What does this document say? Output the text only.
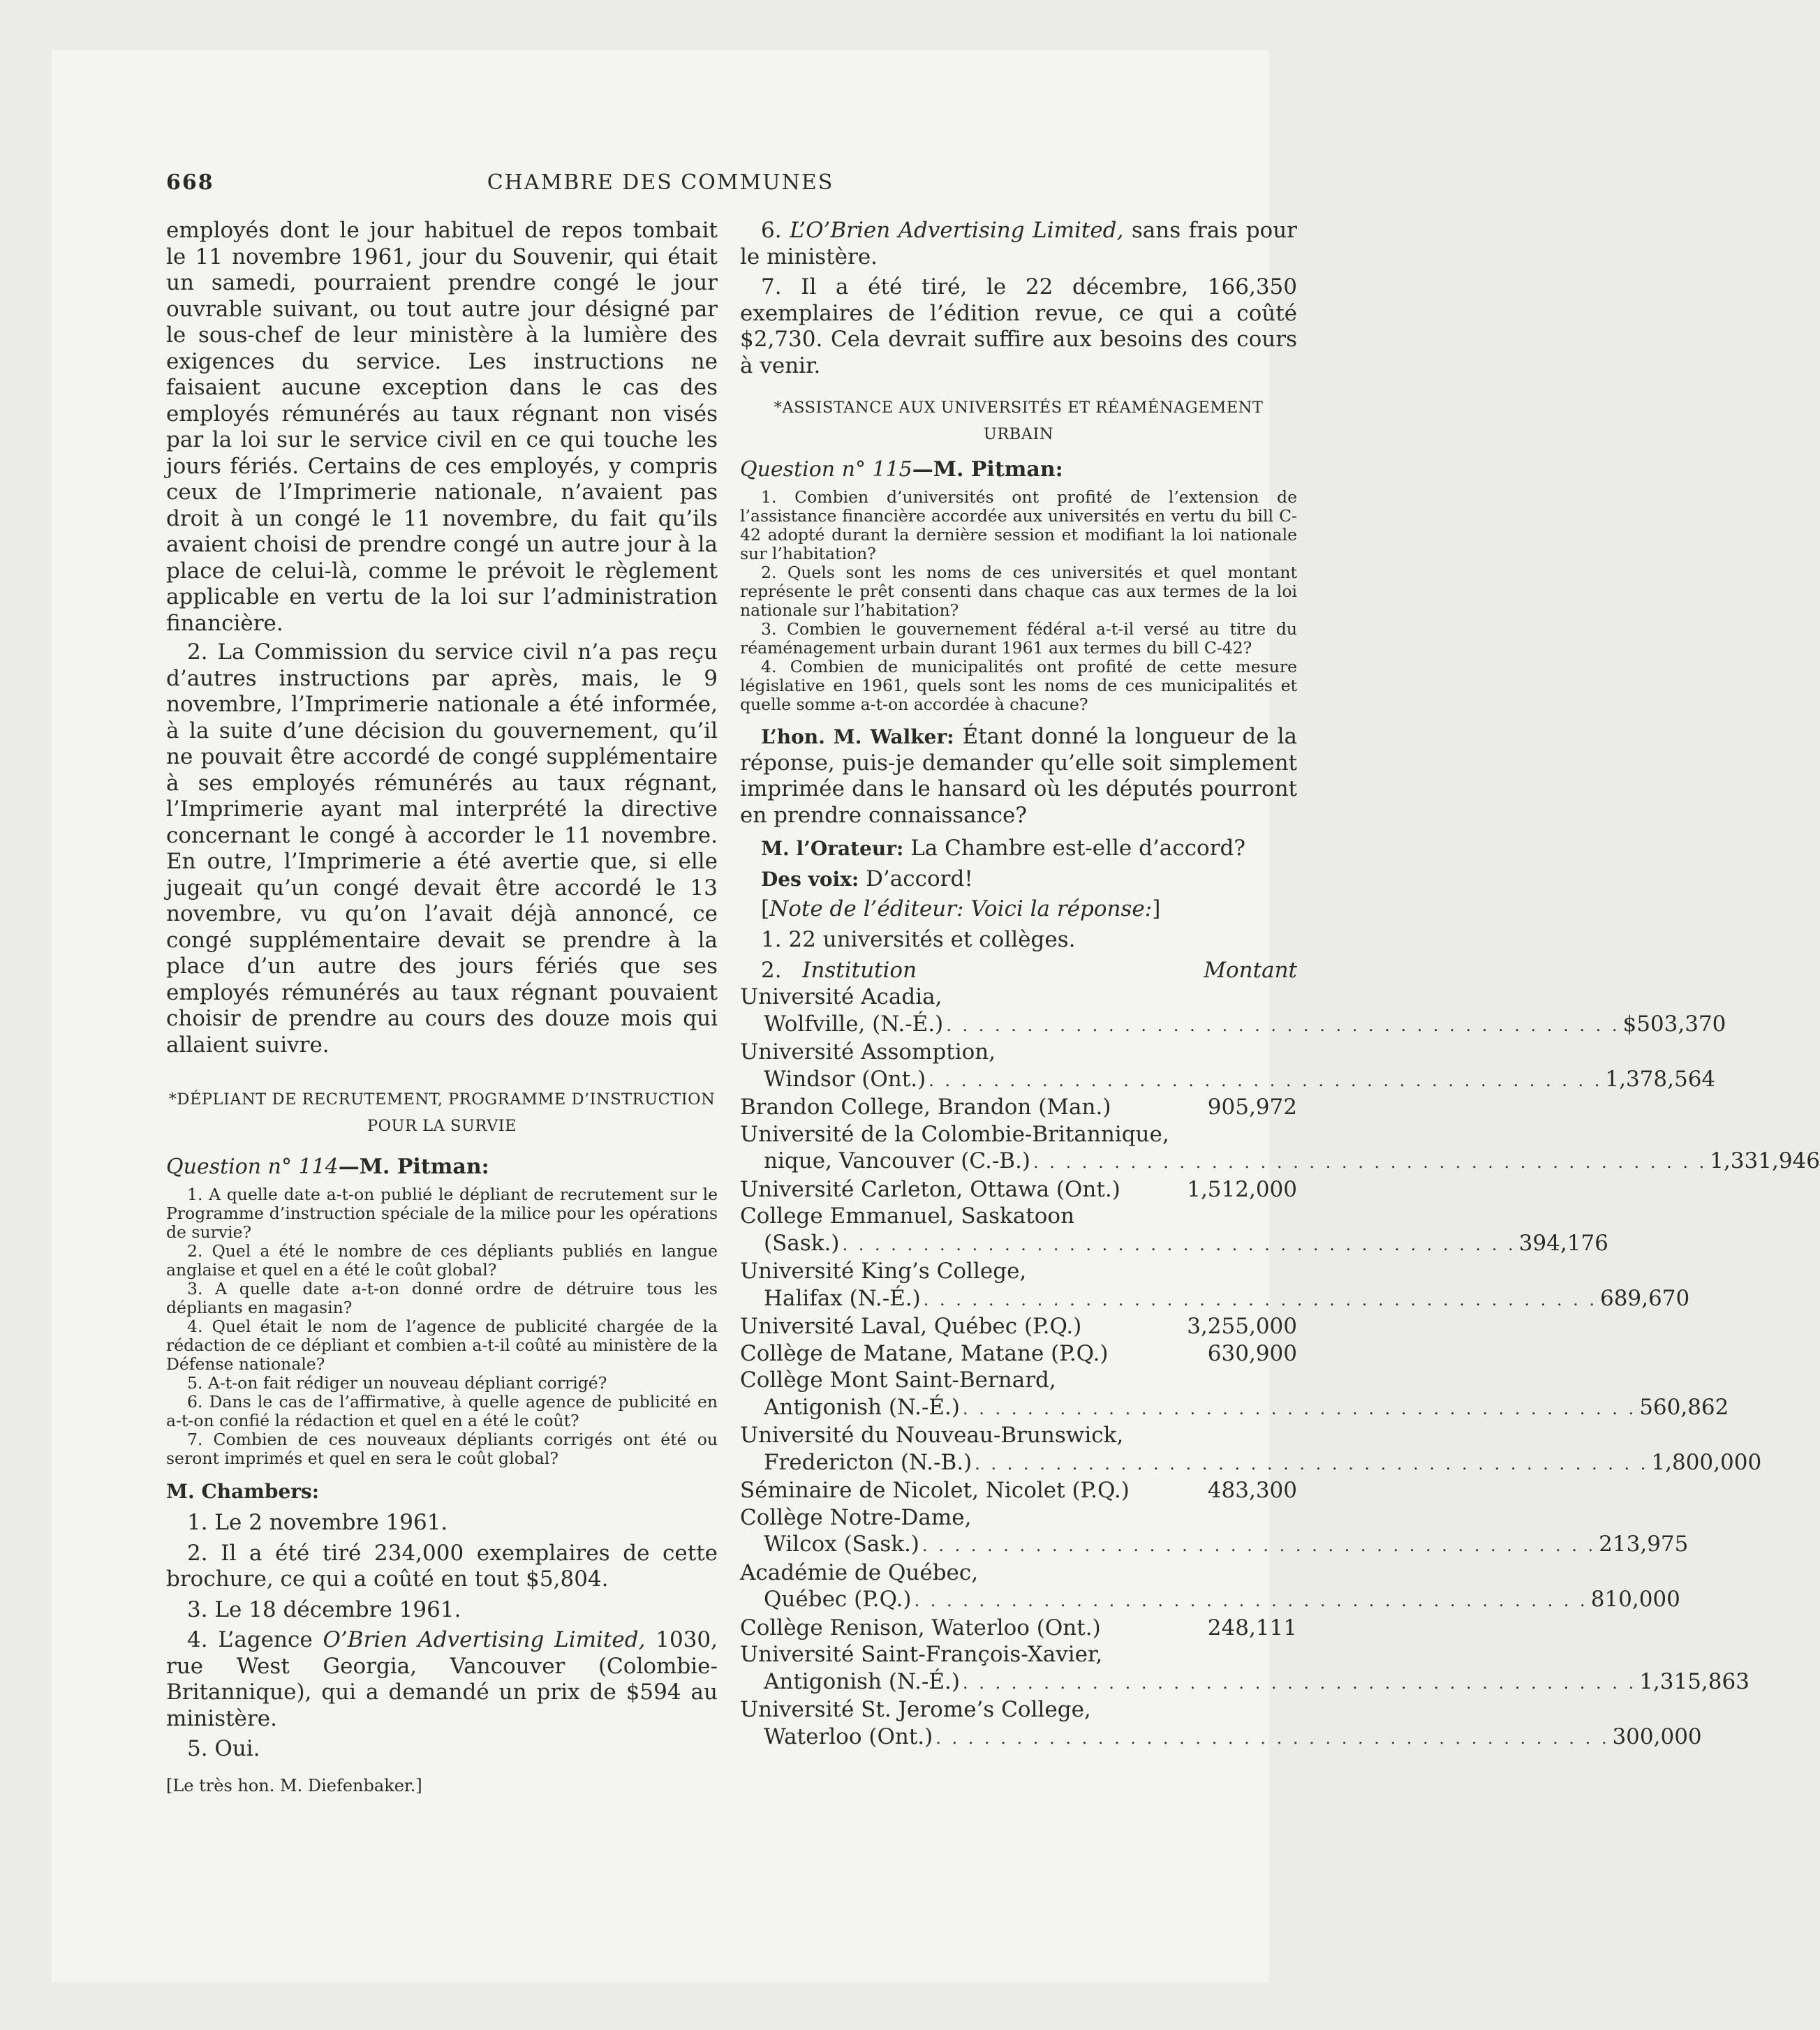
668	CHAMBRE DES COMMUNES

employés dont le jour habituel de repos tombait le 11 novembre 1961, jour du Souvenir, qui était un samedi, pourraient prendre congé le jour ouvrable suivant, ou tout autre jour désigné par le sous-chef de leur ministère à la lumière des exigences du service. Les instructions ne faisaient aucune exception dans le cas des employés rémunérés au taux régnant non visés par la loi sur le service civil en ce qui touche les jours fériés. Certains de ces employés, y compris ceux de l’Imprimerie nationale, n’avaient pas droit à un congé le 11 novembre, du fait qu’ils avaient choisi de prendre congé un autre jour à la place de celui-là, comme le prévoit le règlement applicable en vertu de la loi sur l’administration financière.

2. La Commission du service civil n’a pas reçu d’autres instructions par après, mais, le 9 novembre, l’Imprimerie nationale a été informée, à la suite d’une décision du gouvernement, qu’il ne pouvait être accordé de congé supplémentaire à ses employés rémunérés au taux régnant, l’Imprimerie ayant mal interprété la directive concernant le congé à accorder le 11 novembre. En outre, l’Imprimerie a été avertie que, si elle jugeait qu’un congé devait être accordé le 13 novembre, vu qu’on l’avait déjà annoncé, ce congé supplémentaire devait se prendre à la place d’un autre des jours fériés que ses employés rémunérés au taux régnant pouvaient choisir de prendre au cours des douze mois qui allaient suivre.

*DÉPLIANT DE RECRUTEMENT, PROGRAMME D’INSTRUCTION POUR LA SURVIE

Question n° 114—M. Pitman:

1. A quelle date a-t-on publié le dépliant de recrutement sur le Programme d’instruction spéciale de la milice pour les opérations de survie?

2. Quel a été le nombre de ces dépliants publiés en langue anglaise et quel en a été le coût global?

3. A quelle date a-t-on donné ordre de détruire tous les dépliants en magasin?

4. Quel était le nom de l’agence de publicité chargée de la rédaction de ce dépliant et combien a-t-il coûté au ministère de la Défense nationale?

5. A-t-on fait rédiger un nouveau dépliant corrigé?

6. Dans le cas de l’affirmative, à quelle agence de publicité en a-t-on confié la rédaction et quel en a été le coût?

7. Combien de ces nouveaux dépliants corrigés ont été ou seront imprimés et quel en sera le coût global?

M. Chambers:

1. Le 2 novembre 1961.

2. Il a été tiré 234,000 exemplaires de cette brochure, ce qui a coûté en tout $5,804.

3. Le 18 décembre 1961.

4. L’agence O’Brien Advertising Limited, 1030, rue West Georgia, Vancouver (Colombie-Britannique), qui a demandé un prix de $594 au ministère.

5. Oui.

[Le très hon. M. Diefenbaker.]

6. L’O’Brien Advertising Limited, sans frais pour le ministère.

7. Il a été tiré, le 22 décembre, 166,350 exemplaires de l’édition revue, ce qui a coûté $2,730. Cela devrait suffire aux besoins des cours à venir.

*ASSISTANCE AUX UNIVERSITÉS ET RÉAMÉNAGEMENT URBAIN

Question n° 115—M. Pitman:

1. Combien d’universités ont profité de l’extension de l’assistance financière accordée aux universités en vertu du bill C-42 adopté durant la dernière session et modifiant la loi nationale sur l’habitation?

2. Quels sont les noms de ces universités et quel montant représente le prêt consenti dans chaque cas aux termes de la loi nationale sur l’habitation?

3. Combien le gouvernement fédéral a-t-il versé au titre du réaménagement urbain durant 1961 aux termes du bill C-42?

4. Combien de municipalités ont profité de cette mesure législative en 1961, quels sont les noms de ces municipalités et quelle somme a-t-on accordée à chacune?

L’hon. M. Walker: Étant donné la longueur de la réponse, puis-je demander qu’elle soit simplement imprimée dans le hansard où les députés pourront en prendre connaissance?

M. l’Orateur: La Chambre est-elle d’accord?

Des voix: D’accord!

[Note de l’éditeur: Voici la réponse:]

1. 22 universités et collèges.

2. Institution	Montant
Université Acadia,
Wolfville, (N.-É.) . . . . . . . . . . . . . . . . . . . . . . . . . . . . . . . . . . . . . . . . . . $ 503,370
Université Assomption,
Windsor (Ont.) . . . . . . . . . . . . . . . . . . . . . . . . . . . . . . . . . . . . . . . . . . 1,378,564
Brandon College, Brandon (Man.)	905,972
Université de la Colombie-Britannique,
nique, Vancouver (C.-B.) . . . . . . . . . . . . . . . . . . . . . . . . . . . . . . . . . . . . . . . . . . 1,331,946
Université Carleton, Ottawa (Ont.)	1,512,000
College Emmanuel, Saskatoon
(Sask.) . . . . . . . . . . . . . . . . . . . . . . . . . . . . . . . . . . . . . . . . . . 394,176
Université King’s College,
Halifax (N.-É.) . . . . . . . . . . . . . . . . . . . . . . . . . . . . . . . . . . . . . . . . . . 689,670
Université Laval, Québec (P.Q.)	3,255,000
Collège de Matane, Matane (P.Q.)	630,900
Collège Mont Saint-Bernard,
Antigonish (N.-É.) . . . . . . . . . . . . . . . . . . . . . . . . . . . . . . . . . . . . . . . . . . 560,862
Université du Nouveau-Brunswick,
Fredericton (N.-B.) . . . . . . . . . . . . . . . . . . . . . . . . . . . . . . . . . . . . . . . . . . 1,800,000
Séminaire de Nicolet, Nicolet (P.Q.)	483,300
Collège Notre-Dame,
Wilcox (Sask.) . . . . . . . . . . . . . . . . . . . . . . . . . . . . . . . . . . . . . . . . . . 213,975
Académie de Québec,
Québec (P.Q.) . . . . . . . . . . . . . . . . . . . . . . . . . . . . . . . . . . . . . . . . . . 810,000
Collège Renison, Waterloo (Ont.)	248,111
Université Saint-François-Xavier,
Antigonish (N.-É.) . . . . . . . . . . . . . . . . . . . . . . . . . . . . . . . . . . . . . . . . . . 1,315,863
Université St. Jerome’s College,
Waterloo (Ont.) . . . . . . . . . . . . . . . . . . . . . . . . . . . . . . . . . . . . . . . . . . 300,000
